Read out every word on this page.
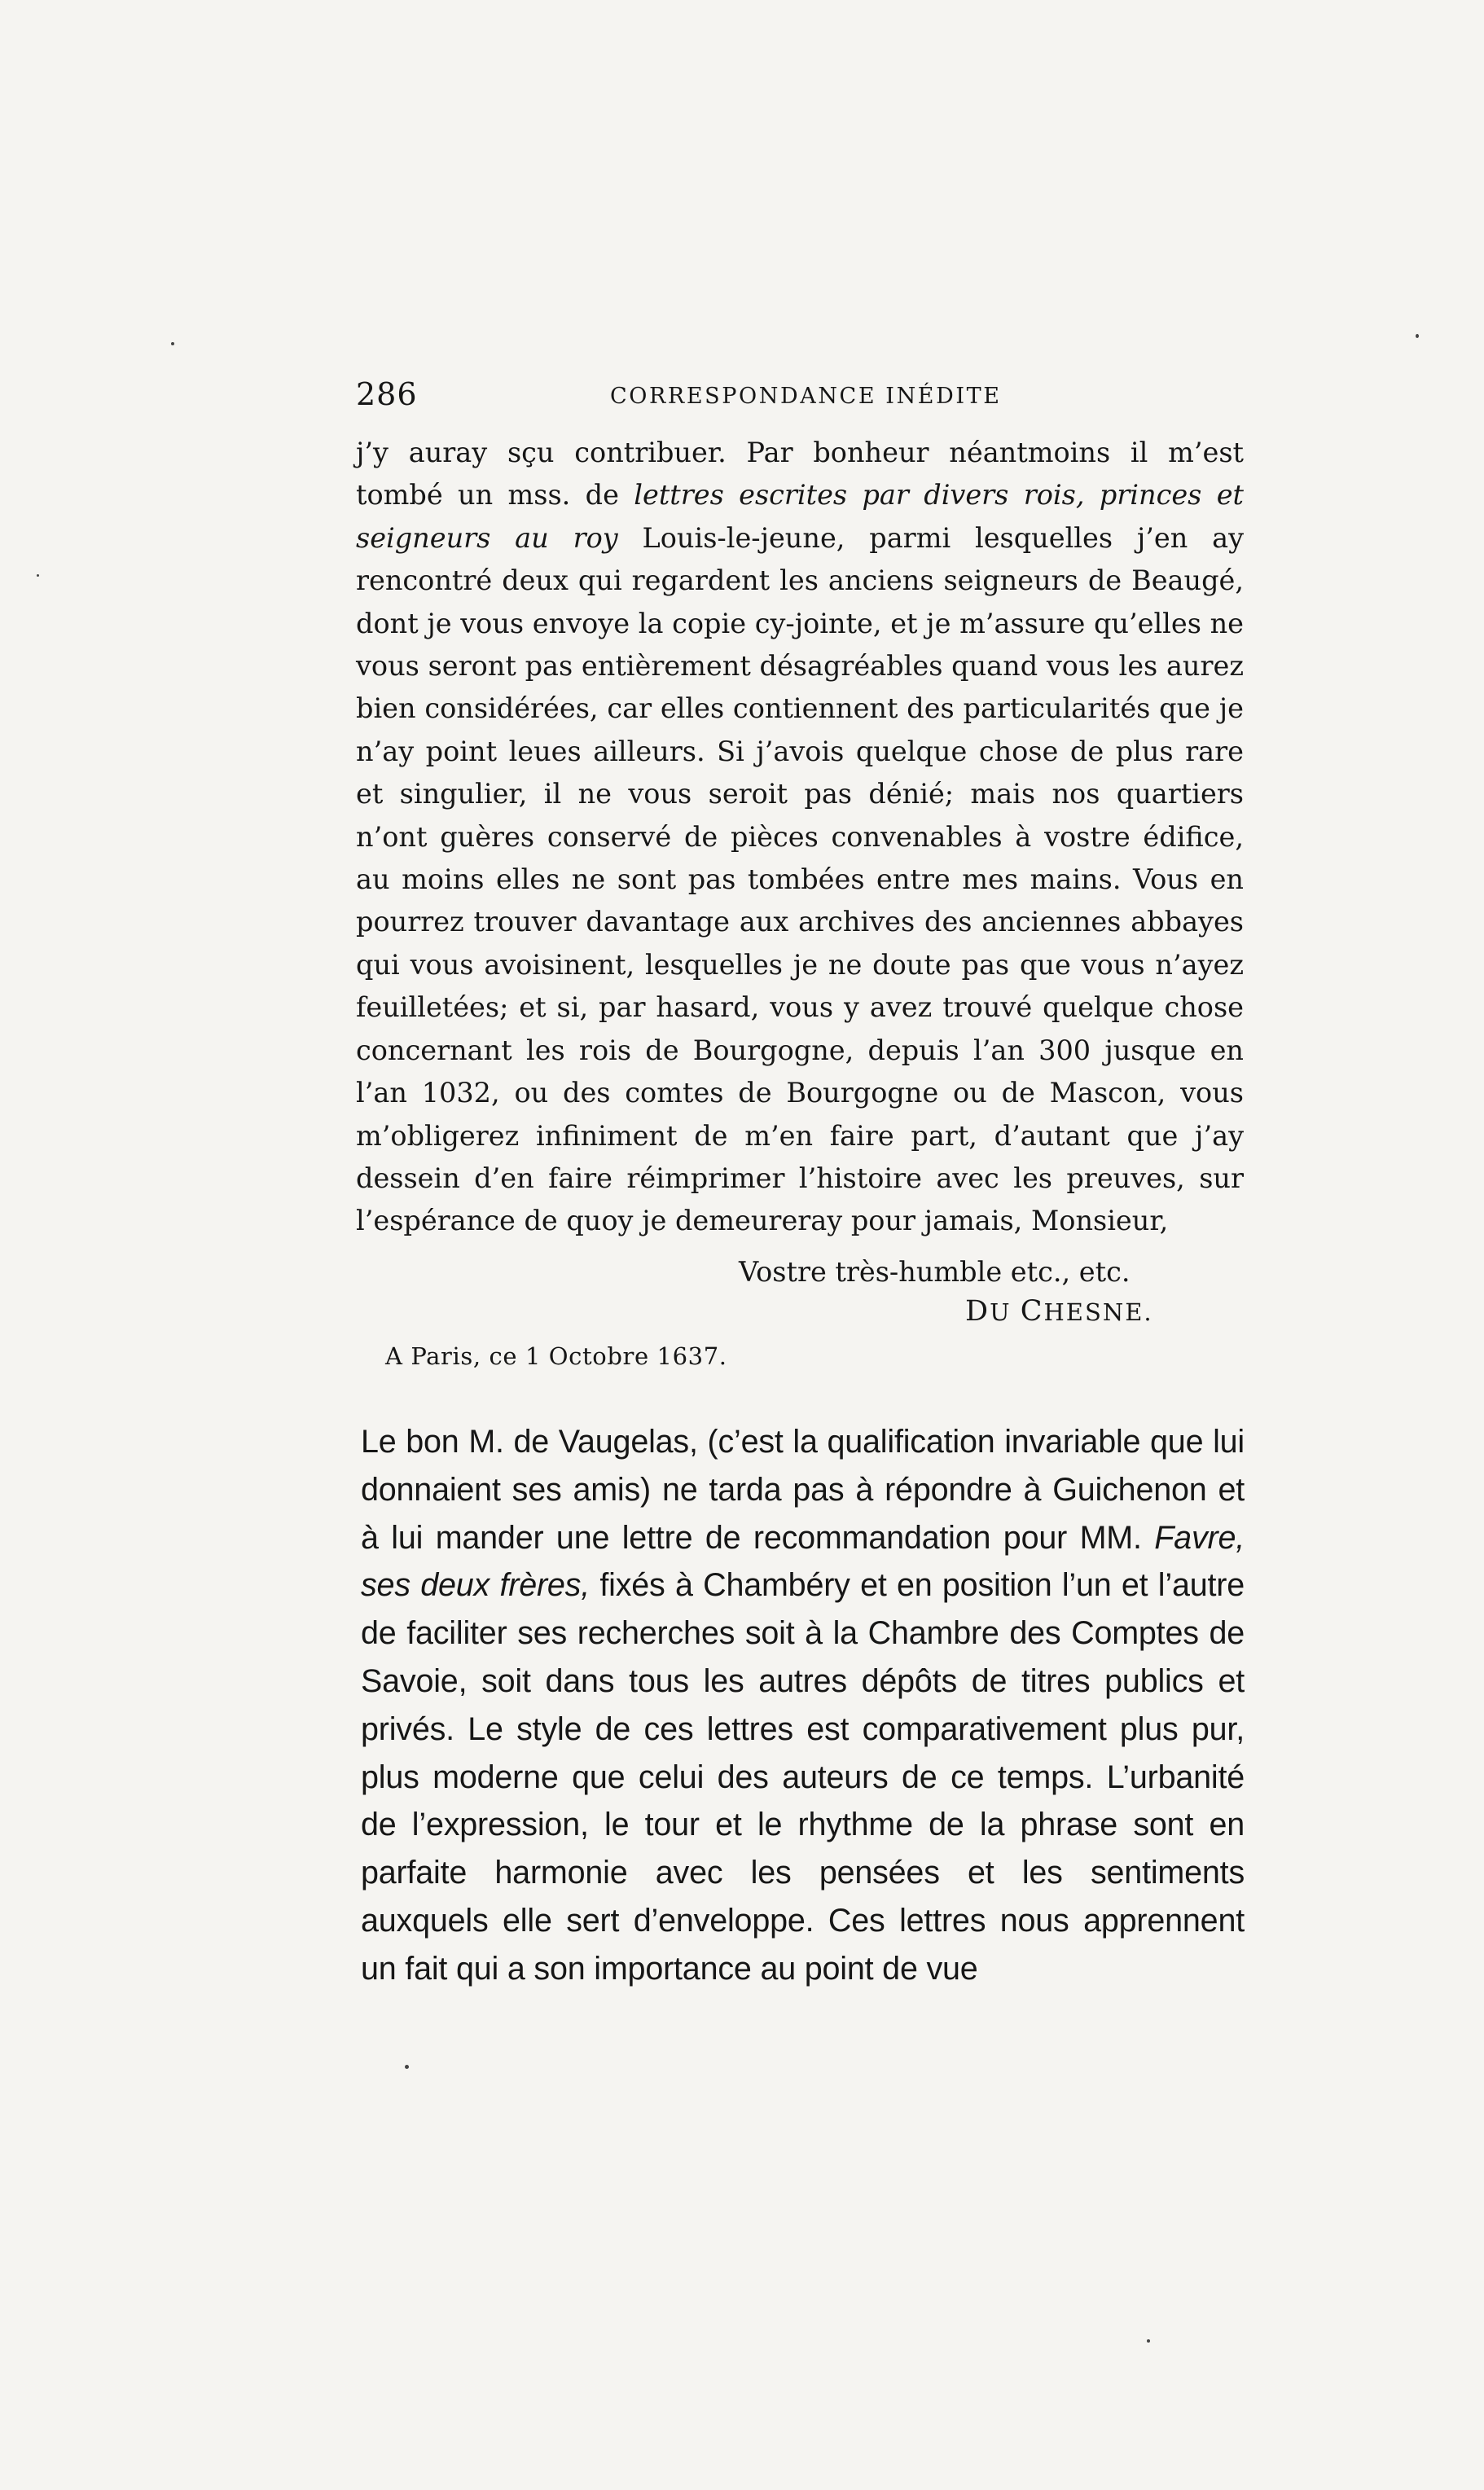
286	CORRESPONDANCE INÉDITE

j’y auray sçu contribuer. Par bonheur néantmoins il m’est tombé un mss. de lettres escrites par divers rois, princes et seigneurs au roy Louis-le-jeune, parmi lesquelles j’en ay rencontré deux qui regardent les anciens seigneurs de Beaugé, dont je vous envoye la copie cy-jointe, et je m’assure qu’elles ne vous seront pas entièrement désagréables quand vous les aurez bien considérées, car elles contiennent des particularités que je n’ay point leues ailleurs. Si j’avois quelque chose de plus rare et singulier, il ne vous seroit pas dénié; mais nos quartiers n’ont guères conservé de pièces convenables à vostre édifice, au moins elles ne sont pas tombées entre mes mains. Vous en pourrez trouver davantage aux archives des anciennes abbayes qui vous avoisinent, lesquelles je ne doute pas que vous n’ayez feuilletées; et si, par hasard, vous y avez trouvé quelque chose concernant les rois de Bourgogne, depuis l’an 300 jusque en l’an 1032, ou des comtes de Bourgogne ou de Mascon, vous m’obligerez infiniment de m’en faire part, d’autant que j’ay dessein d’en faire réimprimer l’histoire avec les preuves, sur l’espérance de quoy je demeureray pour jamais, Monsieur,

Vostre très-humble etc., etc.
DU CHESNE.
A Paris, ce 1 Octobre 1637.

Le bon M. de Vaugelas, (c’est la qualification invariable que lui donnaient ses amis) ne tarda pas à répondre à Guichenon et à lui mander une lettre de recommandation pour MM. Favre, ses deux frères, fixés à Chambéry et en position l’un et l’autre de faciliter ses recherches soit à la Chambre des Comptes de Savoie, soit dans tous les autres dépôts de titres publics et privés. Le style de ces lettres est comparativement plus pur, plus moderne que celui des auteurs de ce temps. L’urbanité de l’expression, le tour et le rhythme de la phrase sont en parfaite harmonie avec les pensées et les sentiments auxquels elle sert d’enveloppe. Ces lettres nous apprennent un fait qui a son importance au point de vue
